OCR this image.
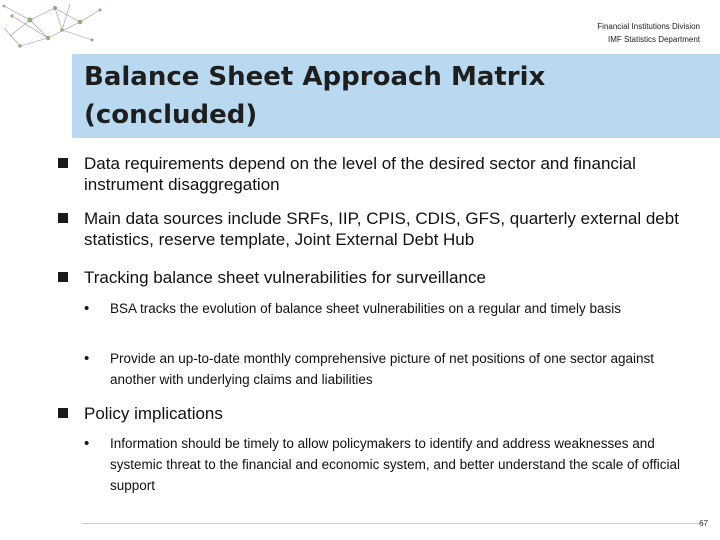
Financial Institutions Division
IMF Statistics Department
Balance Sheet Approach Matrix
(concluded)
Data requirements depend on the level of the desired sector and financial instrument disaggregation
Main data sources include SRFs, IIP, CPIS, CDIS, GFS, quarterly external debt statistics, reserve template, Joint External Debt Hub
Tracking balance sheet vulnerabilities for surveillance
• BSA tracks the evolution of balance sheet vulnerabilities on a regular and timely basis
• Provide an up-to-date monthly comprehensive picture of net positions of one sector against another with underlying claims and liabilities
Policy implications
• Information should be timely to allow policymakers to identify and address weaknesses and systemic threat to the financial and economic system, and better understand the scale of official support
67
